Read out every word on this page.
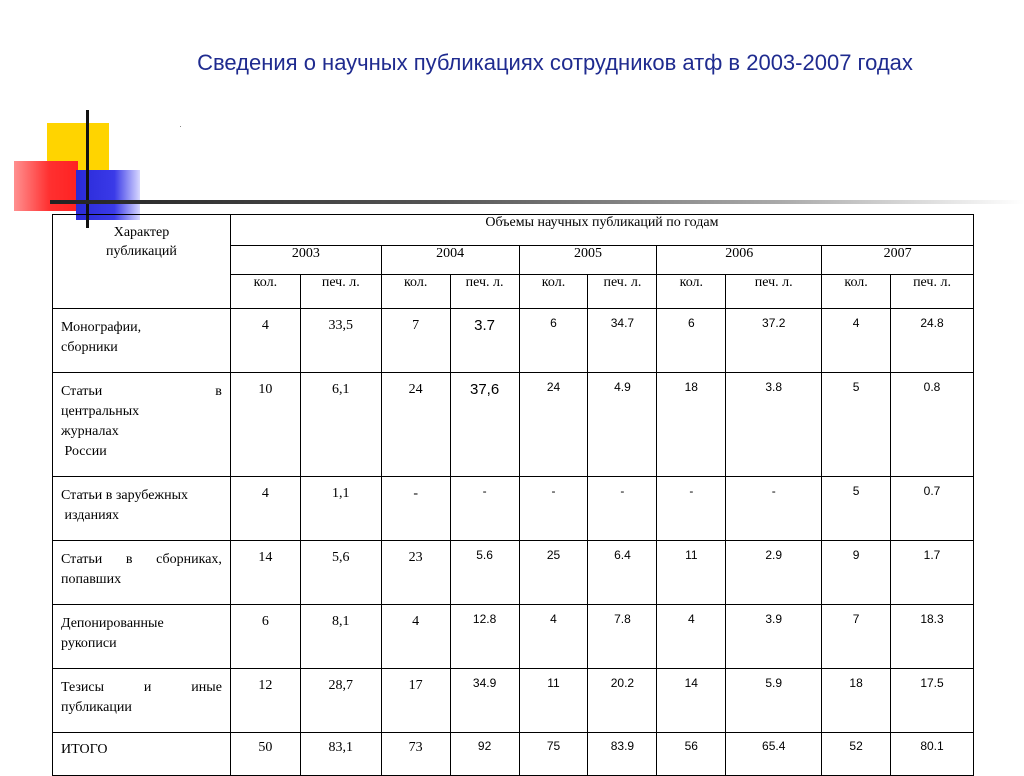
Сведения о научных публикациях сотрудников атф в 2003-2007 годах
Характер публикаций	Объемы научных публикаций по годам									
	2003		2004		2005		2006		2007	
	кол.	печ. л.	кол.	печ. л.	кол.	печ. л.	кол.	печ. л.	кол.	печ. л.

Монографии,
сборники	4	33,5	7	3.7	6	34.7	6	37.2	4	24.8

Статьи в
центральных
журналах
России	10	6,1	24	37,6	24	4.9	18	3.8	5	0.8

Статьи в зарубежных
изданиях	4	1,1	-	-	-	-	-	-	5	0.7

Статьи в сборниках,
попавших	14	5,6	23	5.6	25	6.4	11	2.9	9	1.7

Депонированные
рукописи	6	8,1	4	12.8	4	7.8	4	3.9	7	18.3

Тезисы и иные
публикации	12	28,7	17	34.9	11	20.2	14	5.9	18	17.5

ИТОГО	50	83,1	73	92	75	83.9	56	65.4	52	80.1
